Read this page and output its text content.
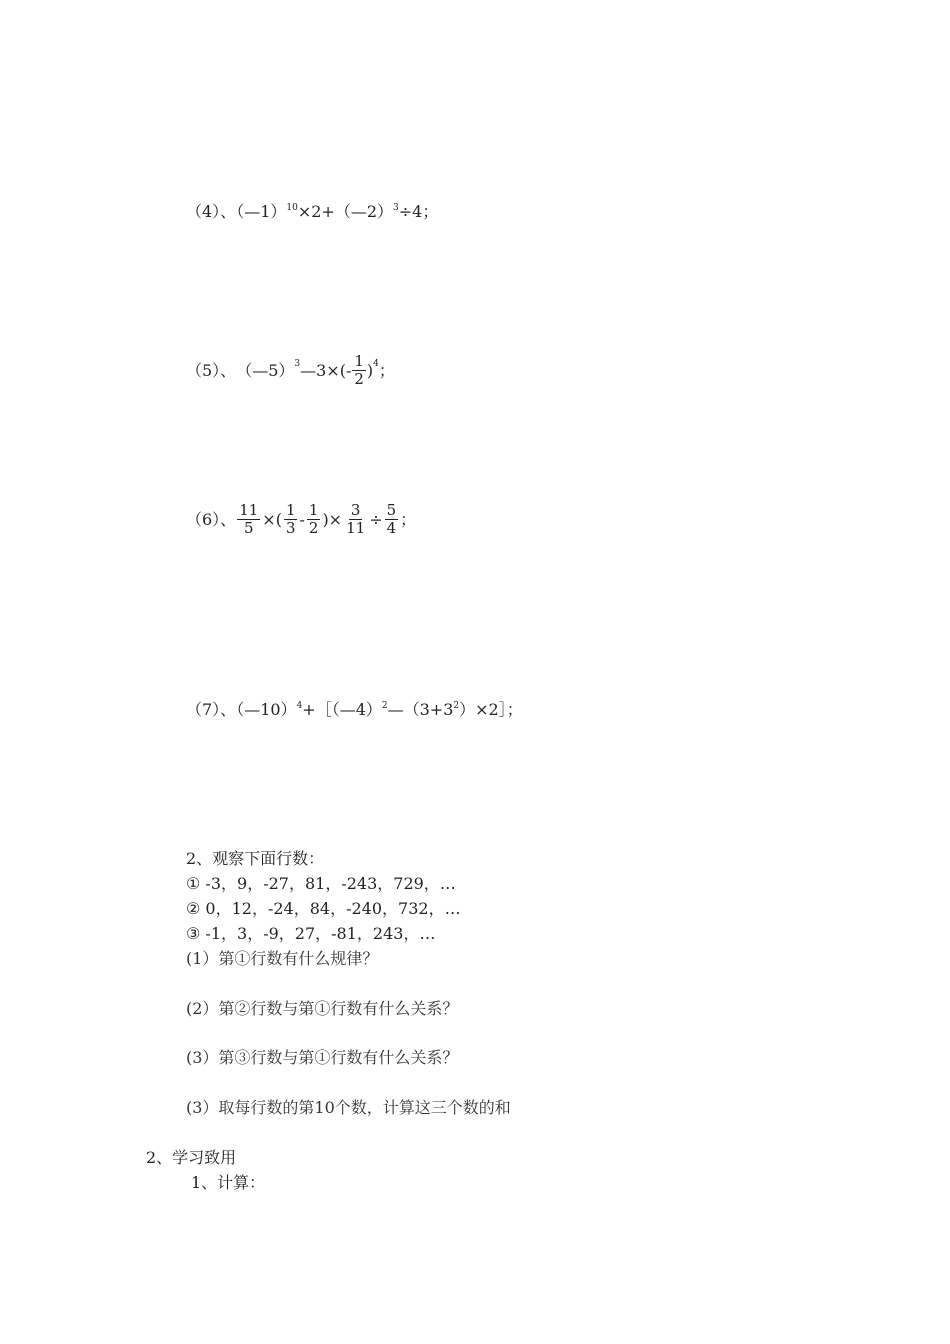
（4）、（—1）$^{10}$×2+（—2）$^3$÷4；
（5）、 （—5） 3 —3× (- $\frac{1}{2}$ ) 4 ；
（6）、 $\frac{11}{5}$ ×( $\frac{1}{3} - \frac{1}{2}$ )× $\frac{3}{11} \div \frac{5}{4}$ ；
（7）、$(—10)^4+[(—4)^2—(3+3^2)\times 2]$；
2、观察下面行数：
① -3，9，-27，81，-243，729，…
② 0，12，-24，84，-240，732，…
③ -1，3，-9，27，-81，243，…
(1）第①行数有什么规律？
(2）第②行数与第①行数有什么关系？
(3）第③行数与第①行数有什么关系？
(3）取每行数的第10个数，计算这三个数的和
2、学习致用
1、计算：
